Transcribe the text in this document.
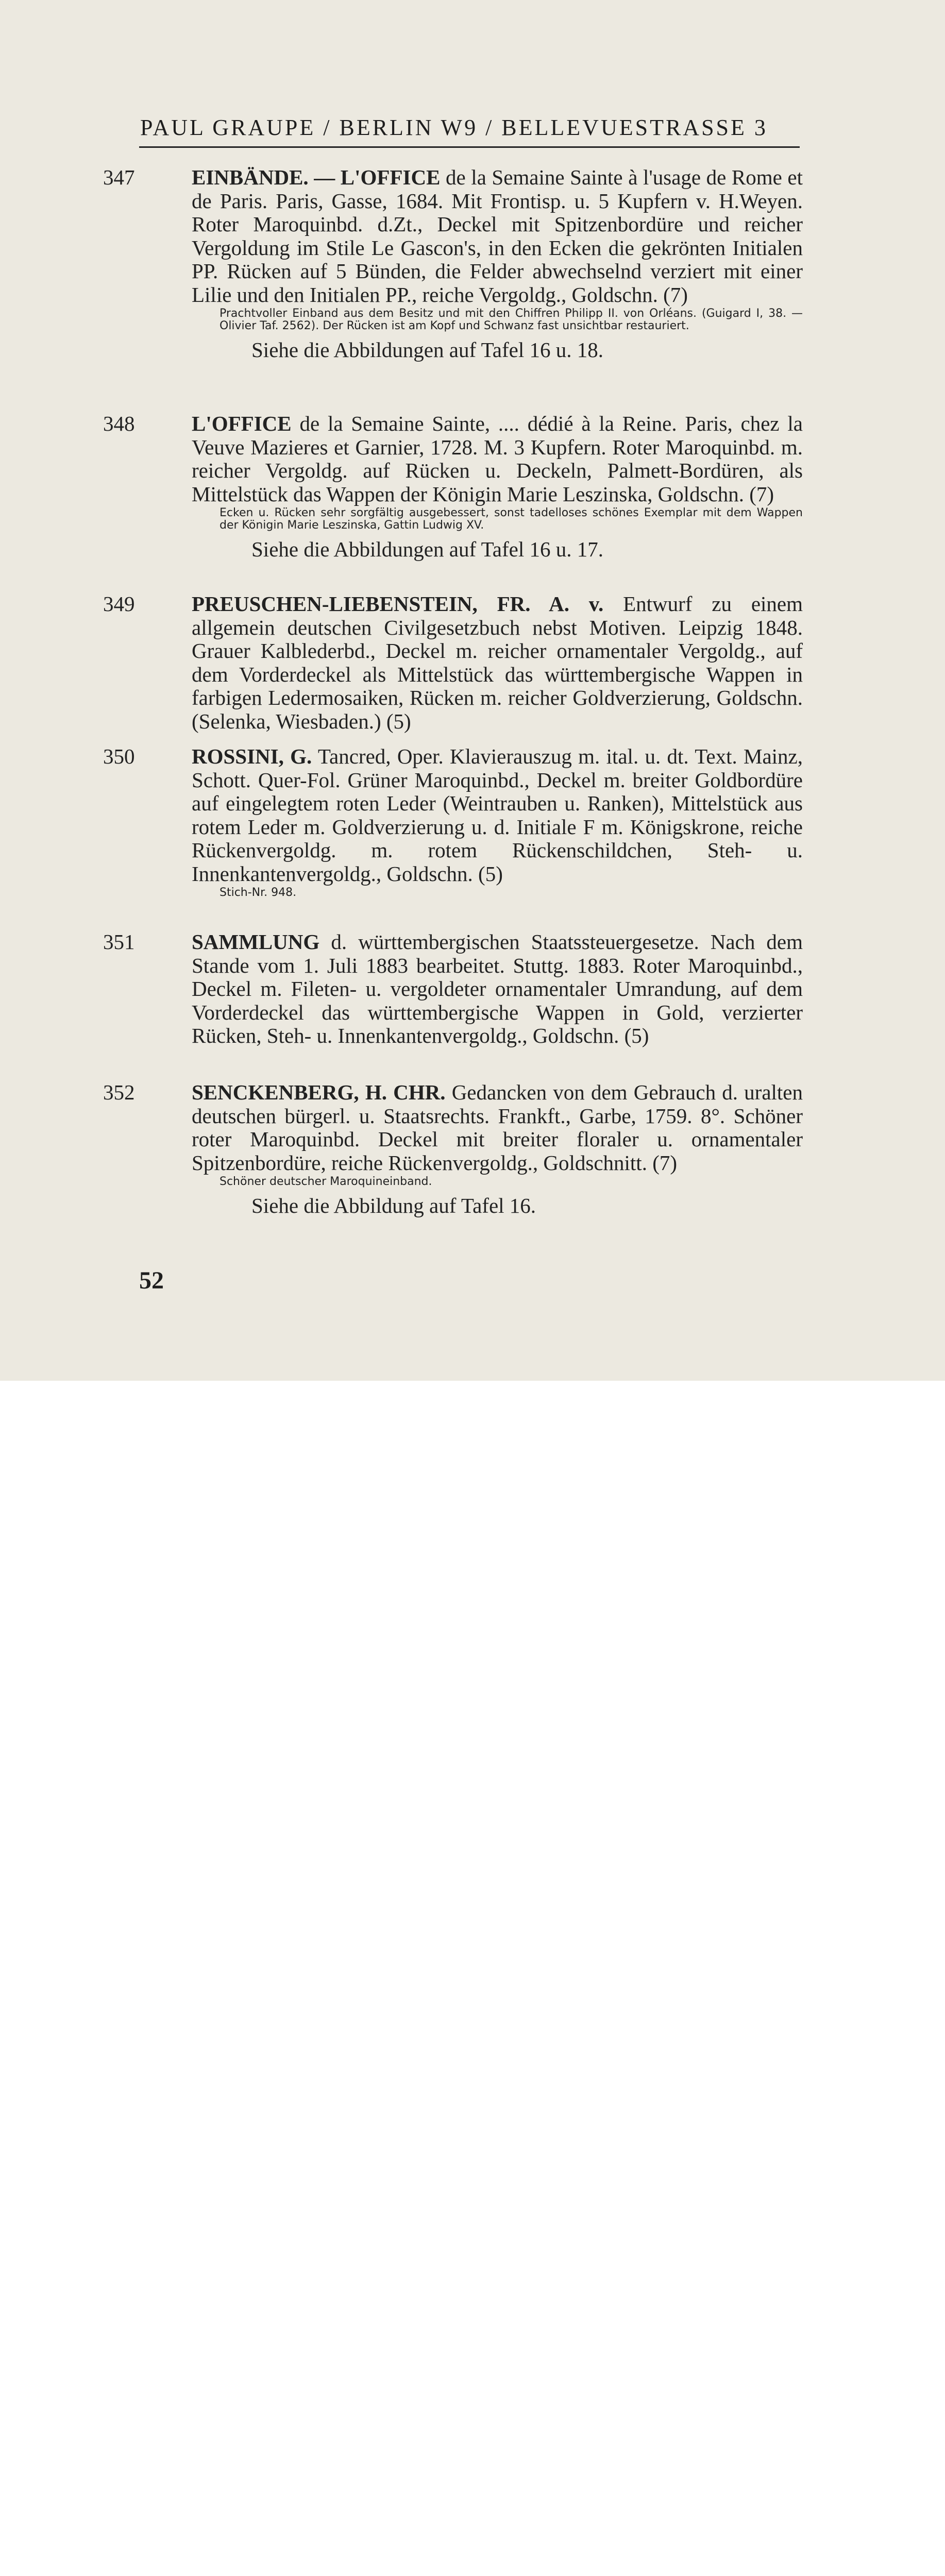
PAUL GRAUPE / BERLIN W9 / BELLEVUESTRASSE 3
347	EINBÄNDE. — L'OFFICE de la Semaine Sainte à l'usage de Rome et de Paris. Paris, Gasse, 1684. Mit Frontisp. u. 5 Kupfern v. H.Weyen. Roter Maroquinbd. d.Zt., Deckel mit Spitzenbordüre und reicher Vergoldung im Stile Le Gascon's, in den Ecken die gekrönten Initialen PP. Rücken auf 5 Bünden, die Felder abwechselnd verziert mit einer Lilie und den Initialen PP., reiche Vergoldg., Goldschn. (7)
Prachtvoller Einband aus dem Besitz und mit den Chiffren Philipp II. von Orléans. (Guigard I, 38. — Olivier Taf. 2562). Der Rücken ist am Kopf und Schwanz fast unsichtbar restauriert.
Siehe die Abbildungen auf Tafel 16 u. 18.
348	L'OFFICE de la Semaine Sainte, .... dédié à la Reine. Paris, chez la Veuve Mazieres et Garnier, 1728. M. 3 Kupfern. Roter Maroquinbd. m. reicher Vergoldg. auf Rücken u. Deckeln, Palmett-Bordüren, als Mittelstück das Wappen der Königin Marie Leszinska, Goldschn. (7)
Ecken u. Rücken sehr sorgfältig ausgebessert, sonst tadelloses schönes Exemplar mit dem Wappen der Königin Marie Leszinska, Gattin Ludwig XV.
Siehe die Abbildungen auf Tafel 16 u. 17.
349	PREUSCHEN-LIEBENSTEIN, FR. A. v. Entwurf zu einem allgemein deutschen Civilgesetzbuch nebst Motiven. Leipzig 1848. Grauer Kalblederbd., Deckel m. reicher ornamentaler Vergoldg., auf dem Vorderdeckel als Mittelstück das württembergische Wappen in farbigen Ledermosaiken, Rücken m. reicher Goldverzierung, Goldschn. (Selenka, Wiesbaden.) (5)
350	ROSSINI, G. Tancred, Oper. Klavierauszug m. ital. u. dt. Text. Mainz, Schott. Quer-Fol. Grüner Maroquinbd., Deckel m. breiter Goldbordüre auf eingelegtem roten Leder (Weintrauben u. Ranken), Mittelstück aus rotem Leder m. Goldverzierung u. d. Initiale F m. Königskrone, reiche Rückenvergoldg. m. rotem Rückenschildchen, Steh- u. Innenkantenvergoldg., Goldschn. (5)
Stich-Nr. 948.
351	SAMMLUNG d. württembergischen Staatssteuergesetze. Nach dem Stande vom 1. Juli 1883 bearbeitet. Stuttg. 1883. Roter Maroquinbd., Deckel m. Fileten- u. vergoldeter ornamentaler Umrandung, auf dem Vorderdeckel das württembergische Wappen in Gold, verzierter Rücken, Steh- u. Innenkantenvergoldg., Goldschn. (5)
352	SENCKENBERG, H. CHR. Gedancken von dem Gebrauch d. uralten deutschen bürgerl. u. Staatsrechts. Frankft., Garbe, 1759. 8°. Schöner roter Maroquinbd. Deckel mit breiter floraler u. ornamentaler Spitzenbordüre, reiche Rückenvergoldg., Goldschnitt. (7)
Schöner deutscher Maroquineinband.
Siehe die Abbildung auf Tafel 16.
52
